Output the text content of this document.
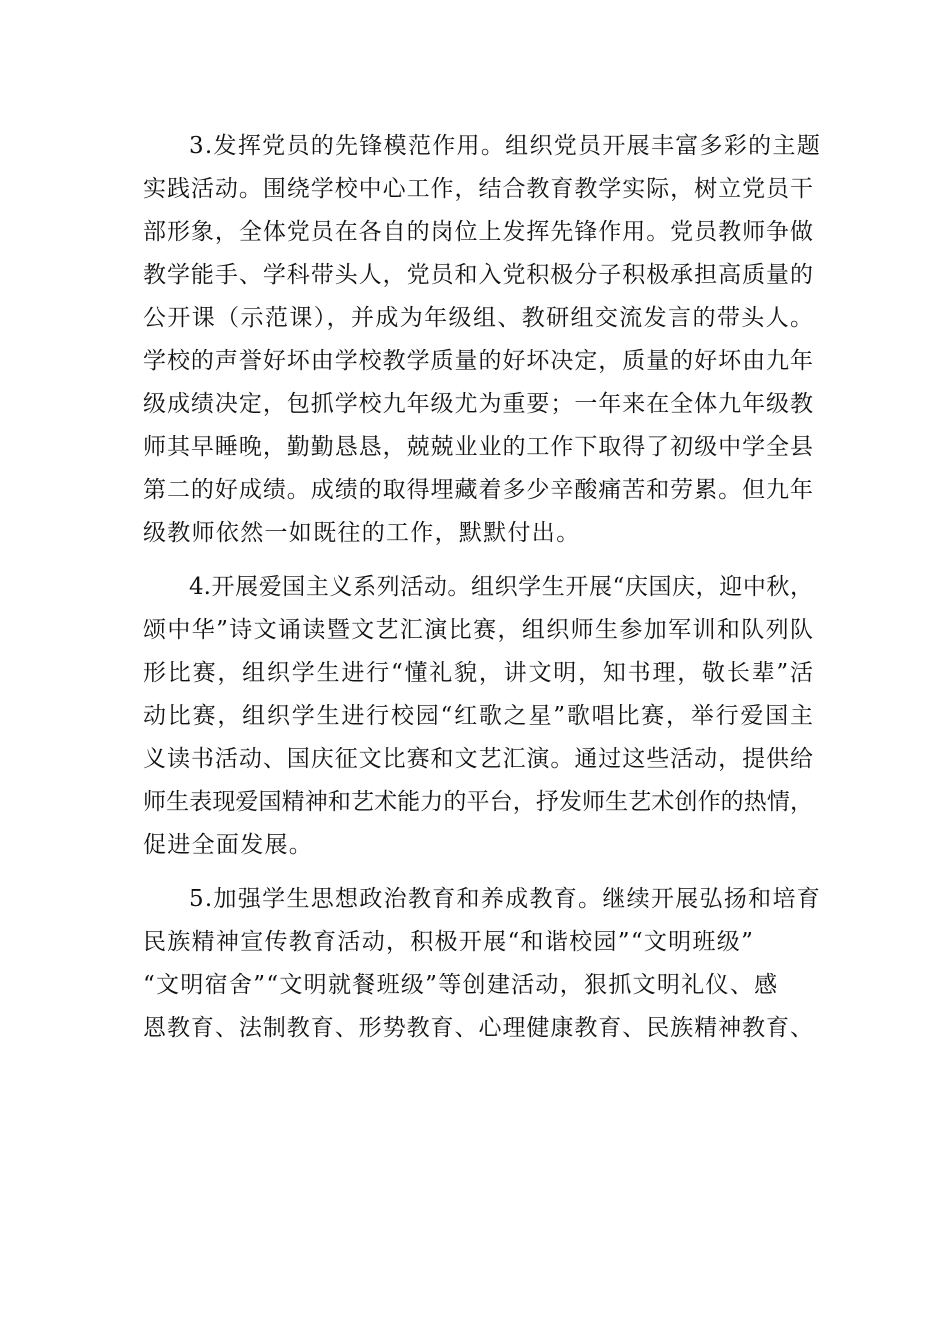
3.发挥党员的先锋模范作用。组织党员开展丰富多彩的主题

实践活动。围绕学校中心工作，结合教育教学实际，树立党员干

部形象，全体党员在各自的岗位上发挥先锋作用。党员教师争做

教学能手、学科带头人，党员和入党积极分子积极承担高质量的

公开课（示范课），并成为年级组、教研组交流发言的带头人。

学校的声誉好坏由学校教学质量的好坏决定，质量的好坏由九年

级成绩决定，包抓学校九年级尤为重要；一年来在全体九年级教

师其早睡晚，勤勤恳恳，兢兢业业的工作下取得了初级中学全县

第二的好成绩。成绩的取得埋藏着多少辛酸痛苦和劳累。但九年

级教师依然一如既往的工作，默默付出。

4.开展爱国主义系列活动。组织学生开展“庆国庆，迎中秋，

颂中华”诗文诵读暨文艺汇演比赛，组织师生参加军训和队列队

形比赛，组织学生进行“懂礼貌，讲文明，知书理，敬长辈”活

动比赛，组织学生进行校园“红歌之星”歌唱比赛，举行爱国主

义读书活动、国庆征文比赛和文艺汇演。通过这些活动，提供给

师生表现爱国精神和艺术能力的平台，抒发师生艺术创作的热情，

促进全面发展。

5.加强学生思想政治教育和养成教育。继续开展弘扬和培育

民族精神宣传教育活动，积极开展“和谐校园”“文明班级”

“文明宿舍”“文明就餐班级”等创建活动，狠抓文明礼仪、感

恩教育、法制教育、形势教育、心理健康教育、民族精神教育、
